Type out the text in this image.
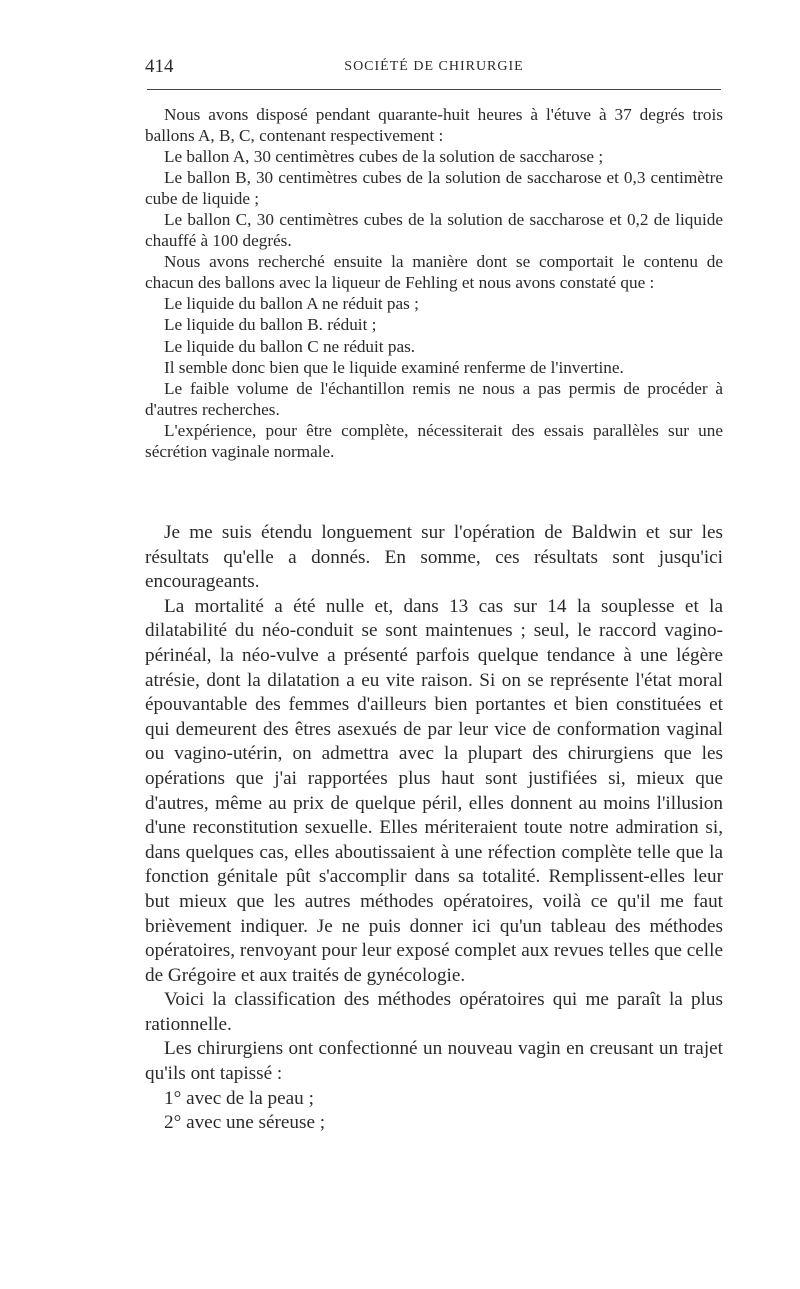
414	SOCIÉTÉ DE CHIRURGIE

Nous avons disposé pendant quarante-huit heures à l'étuve à 37 degrés trois ballons A, B, C, contenant respectivement :

Le ballon A, 30 centimètres cubes de la solution de saccharose ;

Le ballon B, 30 centimètres cubes de la solution de saccharose et 0,3 centimètre cube de liquide ;

Le ballon C, 30 centimètres cubes de la solution de saccharose et 0,2 de liquide chauffé à 100 degrés.

Nous avons recherché ensuite la manière dont se comportait le contenu de chacun des ballons avec la liqueur de Fehling et nous avons constaté que :

Le liquide du ballon A ne réduit pas ;

Le liquide du ballon B. réduit ;

Le liquide du ballon C ne réduit pas.

Il semble donc bien que le liquide examiné renferme de l'invertine.

Le faible volume de l'échantillon remis ne nous a pas permis de procéder à d'autres recherches.

L'expérience, pour être complète, nécessiterait des essais parallèles sur une sécrétion vaginale normale.

Je me suis étendu longuement sur l'opération de Baldwin et sur les résultats qu'elle a donnés. En somme, ces résultats sont jusqu'ici encourageants.

La mortalité a été nulle et, dans 13 cas sur 14 la souplesse et la dilatabilité du néo-conduit se sont maintenues ; seul, le raccord vagino-périnéal, la néo-vulve a présenté parfois quelque tendance à une légère atrésie, dont la dilatation a eu vite raison. Si on se représente l'état moral épouvantable des femmes d'ailleurs bien portantes et bien constituées et qui demeurent des êtres asexués de par leur vice de conformation vaginal ou vagino-utérin, on admettra avec la plupart des chirurgiens que les opérations que j'ai rapportées plus haut sont justifiées si, mieux que d'autres, même au prix de quelque péril, elles donnent au moins l'illusion d'une reconstitution sexuelle. Elles mériteraient toute notre admiration si, dans quelques cas, elles aboutissaient à une réfection complète telle que la fonction génitale pût s'accomplir dans sa totalité. Remplissent-elles leur but mieux que les autres méthodes opératoires, voilà ce qu'il me faut brièvement indiquer. Je ne puis donner ici qu'un tableau des méthodes opératoires, renvoyant pour leur exposé complet aux revues telles que celle de Grégoire et aux traités de gynécologie.

Voici la classification des méthodes opératoires qui me paraît la plus rationnelle.

Les chirurgiens ont confectionné un nouveau vagin en creusant un trajet qu'ils ont tapissé :

1° avec de la peau ;

2° avec une séreuse ;
